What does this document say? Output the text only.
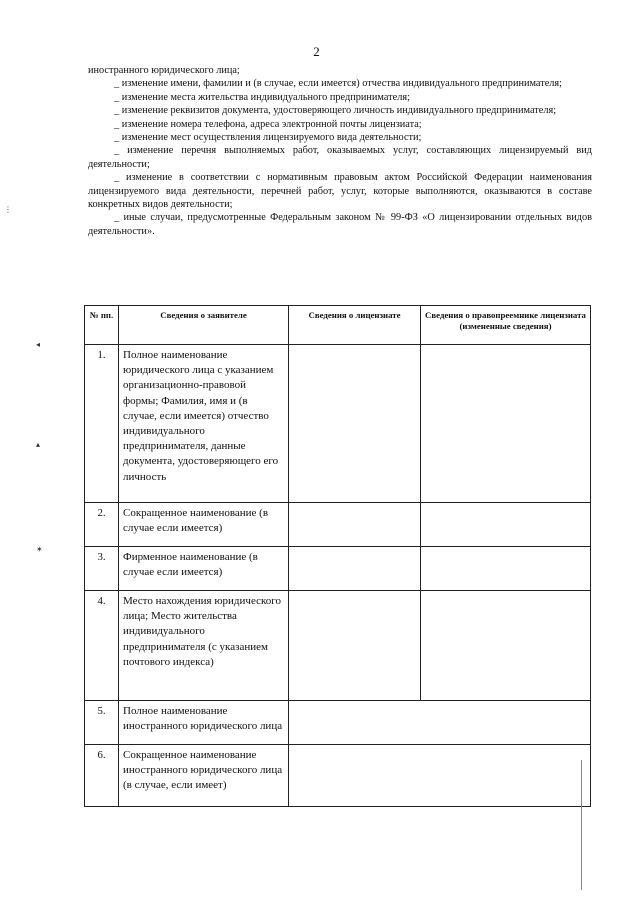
2

иностранного юридического лица;

_ изменение имени, фамилии и (в случае, если имеется) отчества индивидуального предпринимателя;

_ изменение места жительства индивидуального предпринимателя;

_ изменение реквизитов документа, удостоверяющего личность индивидуального предпринимателя;

_ изменение номера телефона, адреса электронной почты лицензиата;

_ изменение мест осуществления лицензируемого вида деятельности;

_ изменение перечня выполняемых работ, оказываемых услуг, составляющих лицензируемый вид деятельности;

_ изменение в соответствии с нормативным правовым актом Российской Федерации наименования лицензируемого вида деятельности, перечней работ, услуг, которые выполняются, оказываются в составе конкретных видов деятельности;

_ иные случаи, предусмотренные Федеральным законом № 99-ФЗ «О лицензировании отдельных видов деятельности».

№ пп.	Сведения о заявителе	Сведения о лицензиате	Сведения о правопреемнике лицензиата (измененные сведения)
1.	Полное наименование юридического лица с указанием организационно-правовой формы; Фамилия, имя и (в случае, если имеется) отчество индивидуального предпринимателя, данные документа, удостоверяющего его личность		
2.	Сокращенное наименование (в случае если имеется)		
3.	Фирменное наименование (в случае если имеется)		
4.	Место нахождения юридического лица; Место жительства индивидуального предпринимателя (с указанием почтового индекса)		
5.	Полное наименование иностранного юридического лица		
6.	Сокращенное наименование иностранного юридического лица (в случае, если имеет)		
⋮
◂
▴
✶
